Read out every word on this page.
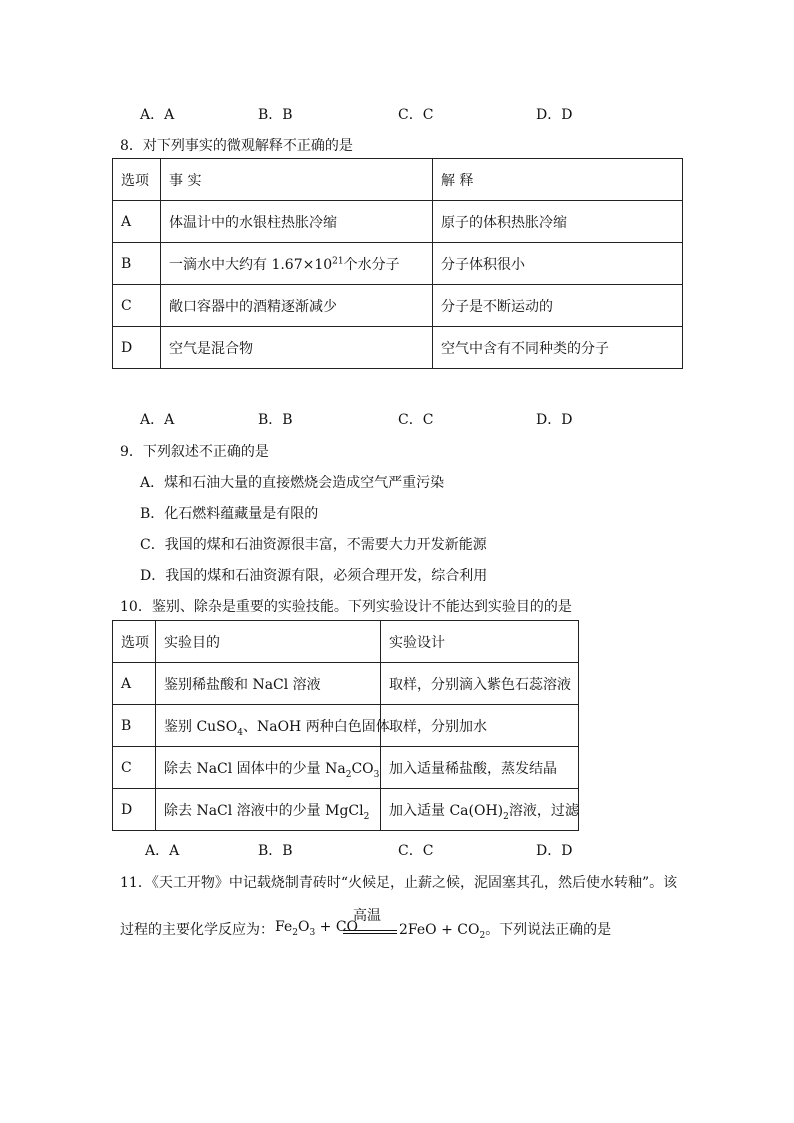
A．A	B．B	C．C	D．D
8．对下列事实的微观解释不正确的是
选项	事 实	解 释
A	体温计中的水银柱热胀冷缩	原子的体积热胀冷缩
B	一滴水中大约有 $1.67\times 10^{21}$个水分子	分子体积很小
C	敞口容器中的酒精逐渐减少	分子是不断运动的
D	空气是混合物	空气中含有不同种类的分子
A．A	B．B	C．C	D．D
9．下列叙述不正确的是
A．煤和石油大量的直接燃烧会造成空气严重污染
B．化石燃料蕴藏量是有限的
C．我国的煤和石油资源很丰富，不需要大力开发新能源
D．我国的煤和石油资源有限，必须合理开发，综合利用
10．鉴别、除杂是重要的实验技能。下列实验设计不能达到实验目的的是
选项	实验目的	实验设计
A	鉴别稀盐酸和 NaCl 溶液	取样，分别滴入紫色石蕊溶液
B	鉴别 CuSO$_4$、NaOH 两种白色固体	取样，分别加水
C	除去 NaCl 固体中的少量 $Na_2CO_3$	加入适量稀盐酸，蒸发结晶
D	除去 NaCl 溶液中的少量 MgCl$_2$	加入适量 $Ca(OH)_2$溶液，过滤
A．A	B．B	C．C	D．D
11．《天工开物》中记载烧制青砖时“火候足，止薪之候，泥固塞其孔，然后使水转釉”。该
过程的主要化学反应为：
高温
$Fe_2O_3$ + CO	$2FeO + CO_2$。下列说法正确的是
